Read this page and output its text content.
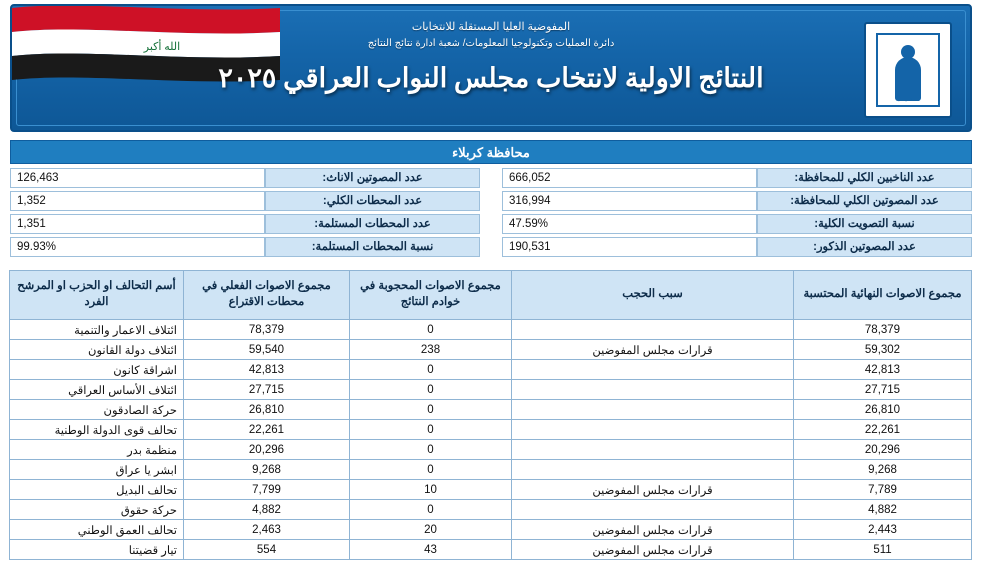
انتخابات
الله أكبر
المفوضية العليا المستقلة للانتخابات
دائرة العمليات وتكنولوجيا المعلومات/ شعبة ادارة نتائج النتائج
النتائج الاولية لانتخاب مجلس النواب العراقي ٢٠٢٥
محافظة كربلاء
عدد الناخبين الكلي للمحافظة:
666,052
عدد المصوتين الكلي للمحافظة:
316,994
نسبة التصويت الكلية:
47.59%
عدد المصوتين الذكور:
190,531
عدد المصوتين الاناث:
126,463
عدد المحطات الكلي:
1,352
عدد المحطات المستلمة:
1,351
نسبة المحطات المستلمة:
99.93%
مجموع الاصوات النهائية المحتسبة	سبب الحجب	مجموع الاصوات المحجوبة في خوادم النتائج	مجموع الاصوات الفعلي في محطات الاقتراع	أسم التحالف او الحزب او المرشح الفرد
78,379		0	78,379	ائتلاف الاعمار والتنمية
59,302	قرارات مجلس المفوضين	238	59,540	ائتلاف دولة القانون
42,813		0	42,813	اشراقة كانون
27,715		0	27,715	ائتلاف الأساس العراقي
26,810		0	26,810	حركة الصادقون
22,261		0	22,261	تحالف قوى الدولة الوطنية
20,296		0	20,296	منظمة بدر
9,268		0	9,268	ابشر يا عراق
7,789	قرارات مجلس المفوضين	10	7,799	تحالف البديل
4,882		0	4,882	حركة حقوق
2,443	قرارات مجلس المفوضين	20	2,463	تحالف العمق الوطني
511	قرارات مجلس المفوضين	43	554	تيار قضيتنا
